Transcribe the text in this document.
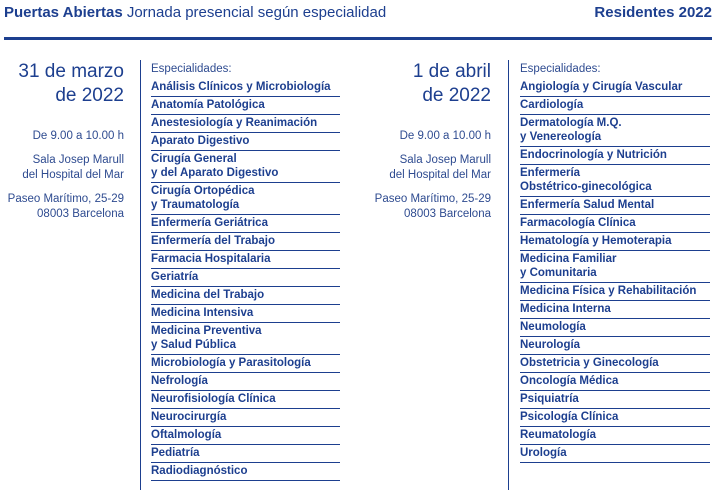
Puertas Abiertas Jornada presencial según especialidad	Residentes 2022
31 de marzo
de 2022
De 9.00 a 10.00 h
Sala Josep Marull
del Hospital del Mar
Paseo Marítimo, 25-29
08003 Barcelona
Especialidades:
Análisis Clínicos y Microbiología
Anatomía Patológica
Anestesiología y Reanimación
Aparato Digestivo
Cirugía General
y del Aparato Digestivo
Cirugía Ortopédica
y Traumatología
Enfermería Geriátrica
Enfermería del Trabajo
Farmacia Hospitalaria
Geriatría
Medicina del Trabajo
Medicina Intensiva
Medicina Preventiva
y Salud Pública
Microbiología y Parasitología
Nefrología
Neurofisiología Clínica
Neurocirurgía
Oftalmología
Pediatría
Radiodiagnóstico
1 de abril
de 2022
De 9.00 a 10.00 h
Sala Josep Marull
del Hospital del Mar
Paseo Marítimo, 25-29
08003 Barcelona
Especialidades:
Angiología y Cirugía Vascular
Cardiología
Dermatología M.Q.
y Venereología
Endocrinología y Nutrición
Enfermería
Obstétrico-ginecológica
Enfermería Salud Mental
Farmacología Clínica
Hematología y Hemoterapia
Medicina Familiar
y Comunitaria
Medicina Física y Rehabilitación
Medicina Interna
Neumología
Neurología
Obstetricia y Ginecología
Oncología Médica
Psiquiatría
Psicología Clínica
Reumatología
Urología
